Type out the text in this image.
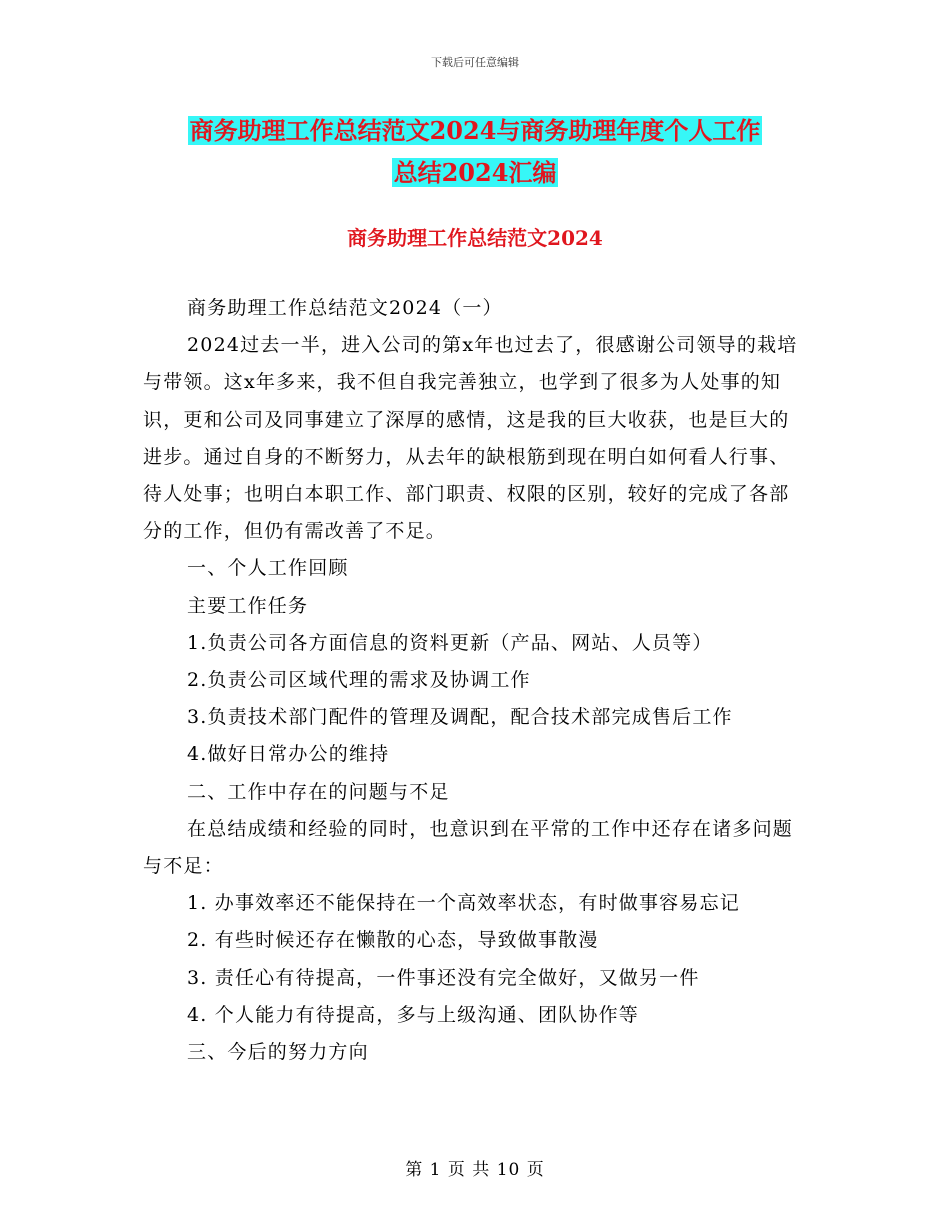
下载后可任意编辑
商务助理工作总结范文2024与商务助理年度个人工作
总结2024汇编
商务助理工作总结范文2024

商务助理工作总结范文2024（一）

2024过去一半，进入公司的第x年也过去了，很感谢公司领导的栽培与带领。这x年多来，我不但自我完善独立，也学到了很多为人处事的知识，更和公司及同事建立了深厚的感情，这是我的巨大收获，也是巨大的进步。通过自身的不断努力，从去年的缺根筋到现在明白如何看人行事、待人处事；也明白本职工作、部门职责、权限的区别，较好的完成了各部分的工作，但仍有需改善了不足。

一、个人工作回顾

主要工作任务

1.负责公司各方面信息的资料更新（产品、网站、人员等）

2.负责公司区域代理的需求及协调工作

3.负责技术部门配件的管理及调配，配合技术部完成售后工作

4.做好日常办公的维持

二、工作中存在的问题与不足

在总结成绩和经验的同时，也意识到在平常的工作中还存在诸多问题与不足：

1. 办事效率还不能保持在一个高效率状态，有时做事容易忘记

2. 有些时候还存在懒散的心态，导致做事散漫

3. 责任心有待提高，一件事还没有完全做好，又做另一件

4. 个人能力有待提高，多与上级沟通、团队协作等

三、今后的努力方向

第 1 页 共 10 页
